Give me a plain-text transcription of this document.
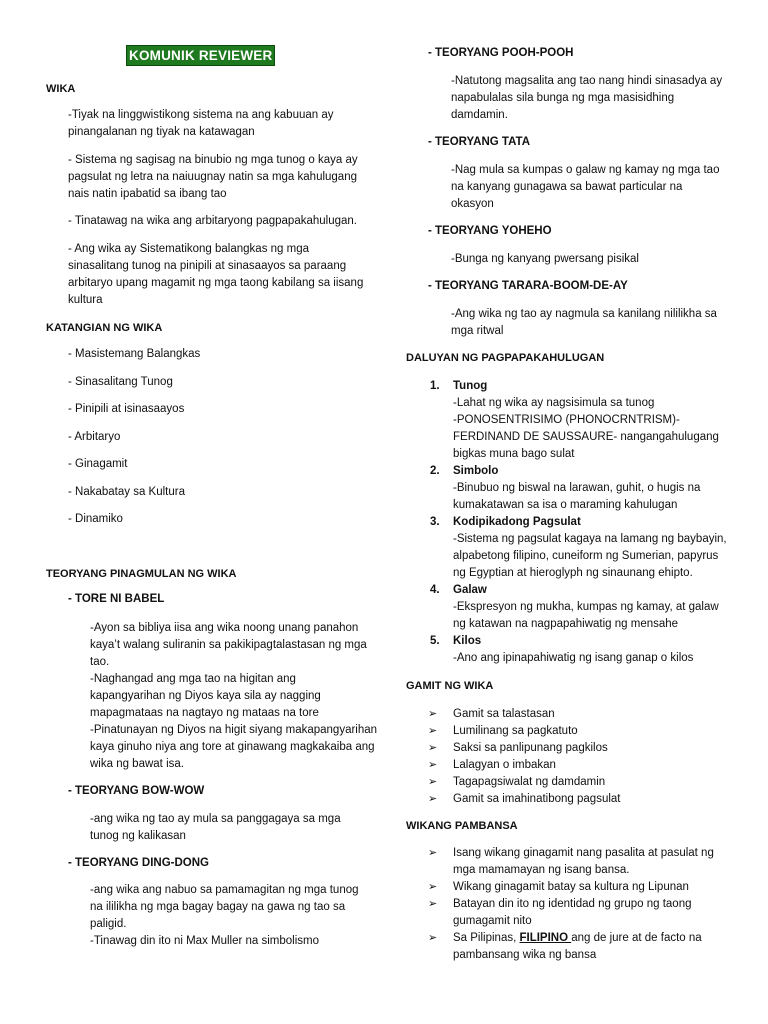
KOMUNIK REVIEWER
WIKA

-Tiyak na linggwistikong sistema na ang kabuuan ay pinangalanan ng tiyak na katawagan

- Sistema ng sagisag na binubio ng mga tunog o kaya ay pagsulat ng letra na naiuugnay natin sa mga kahulugang nais natin ipabatid sa ibang tao

- Tinatawag na wika ang arbitaryong pagpapakahulugan.

- Ang wika ay Sistematikong balangkas ng mga sinasalitang tunog na pinipili at sinasaayos sa paraang arbitaryo upang magamit ng mga taong kabilang sa iisang kultura

KATANGIAN NG WIKA

- Masistemang Balangkas

- Sinasalitang Tunog

- Pinipili at isinasaayos

- Arbitaryo

- Ginagamit

- Nakabatay sa Kultura

- Dinamiko

TEORYANG PINAGMULAN NG WIKA
- TORE NI BABEL

-Ayon sa bibliya iisa ang wika noong unang panahon kaya’t walang suliranin sa pakikipagtalastasan ng mga tao.

-Naghangad ang mga tao na higitan ang kapangyarihan ng Diyos kaya sila ay nagging mapagmataas na nagtayo ng mataas na tore

-Pinatunayan ng Diyos na higit siyang makapangyarihan kaya ginuho niya ang tore at ginawang magkakaiba ang wika ng bawat isa.

- TEORYANG BOW-WOW

-ang wika ng tao ay mula sa panggagaya sa mga tunog ng kalikasan

- TEORYANG DING-DONG

-ang wika ang nabuo sa pamamagitan ng mga tunog na ililikha ng mga bagay bagay na gawa ng tao sa paligid.

-Tinawag din ito ni Max Muller na simbolismo

- TEORYANG POOH-POOH

-Natutong magsalita ang tao nang hindi sinasadya ay napabulalas sila bunga ng mga masisidhing damdamin.

- TEORYANG TATA

-Nag mula sa kumpas o galaw ng kamay ng mga tao na kanyang gunagawa sa bawat particular na okasyon

- TEORYANG YOHEHO

-Bunga ng kanyang pwersang pisikal

- TEORYANG TARARA-BOOM-DE-AY

-Ang wika ng tao ay nagmula sa kanilang nililikha sa mga ritwal

DALUYAN NG PAGPAPAKAHULUGAN
1. Tunog
-Lahat ng wika ay nagsisimula sa tunog
-PONOSENTRISIMO (PHONOCRNTRISM)- FERDINAND DE SAUSSAURE- nangangahulugang bigkas muna bago sulat
2. Simbolo
-Binubuo ng biswal na larawan, guhit, o hugis na kumakatawan sa isa o maraming kahulugan
3. Kodipikadong Pagsulat
-Sistema ng pagsulat kagaya na lamang ng baybayin, alpabetong filipino, cuneiform ng Sumerian, papyrus ng Egyptian at hieroglyph ng sinaunang ehipto.
4. Galaw
-Ekspresyon ng mukha, kumpas ng kamay, at galaw ng katawan na nagpapahiwatig ng mensahe
5. Kilos
-Ano ang ipinapahiwatig ng isang ganap o kilos
GAMIT NG WIKA
➢ Gamit sa talastasan
➢ Lumilinang sa pagkatuto
➢ Saksi sa panlipunang pagkilos
➢ Lalagyan o imbakan
➢ Tagapagsiwalat ng damdamin
➢ Gamit sa imahinatibong pagsulat
WIKANG PAMBANSA
➢ Isang wikang ginagamit nang pasalita at pasulat ng mga mamamayan ng isang bansa.
➢ Wikang ginagamit batay sa kultura ng Lipunan
➢ Batayan din ito ng identidad ng grupo ng taong gumagamit nito
➢ Sa Pilipinas, FILIPINO ang de jure at de facto na pambansang wika ng bansa
